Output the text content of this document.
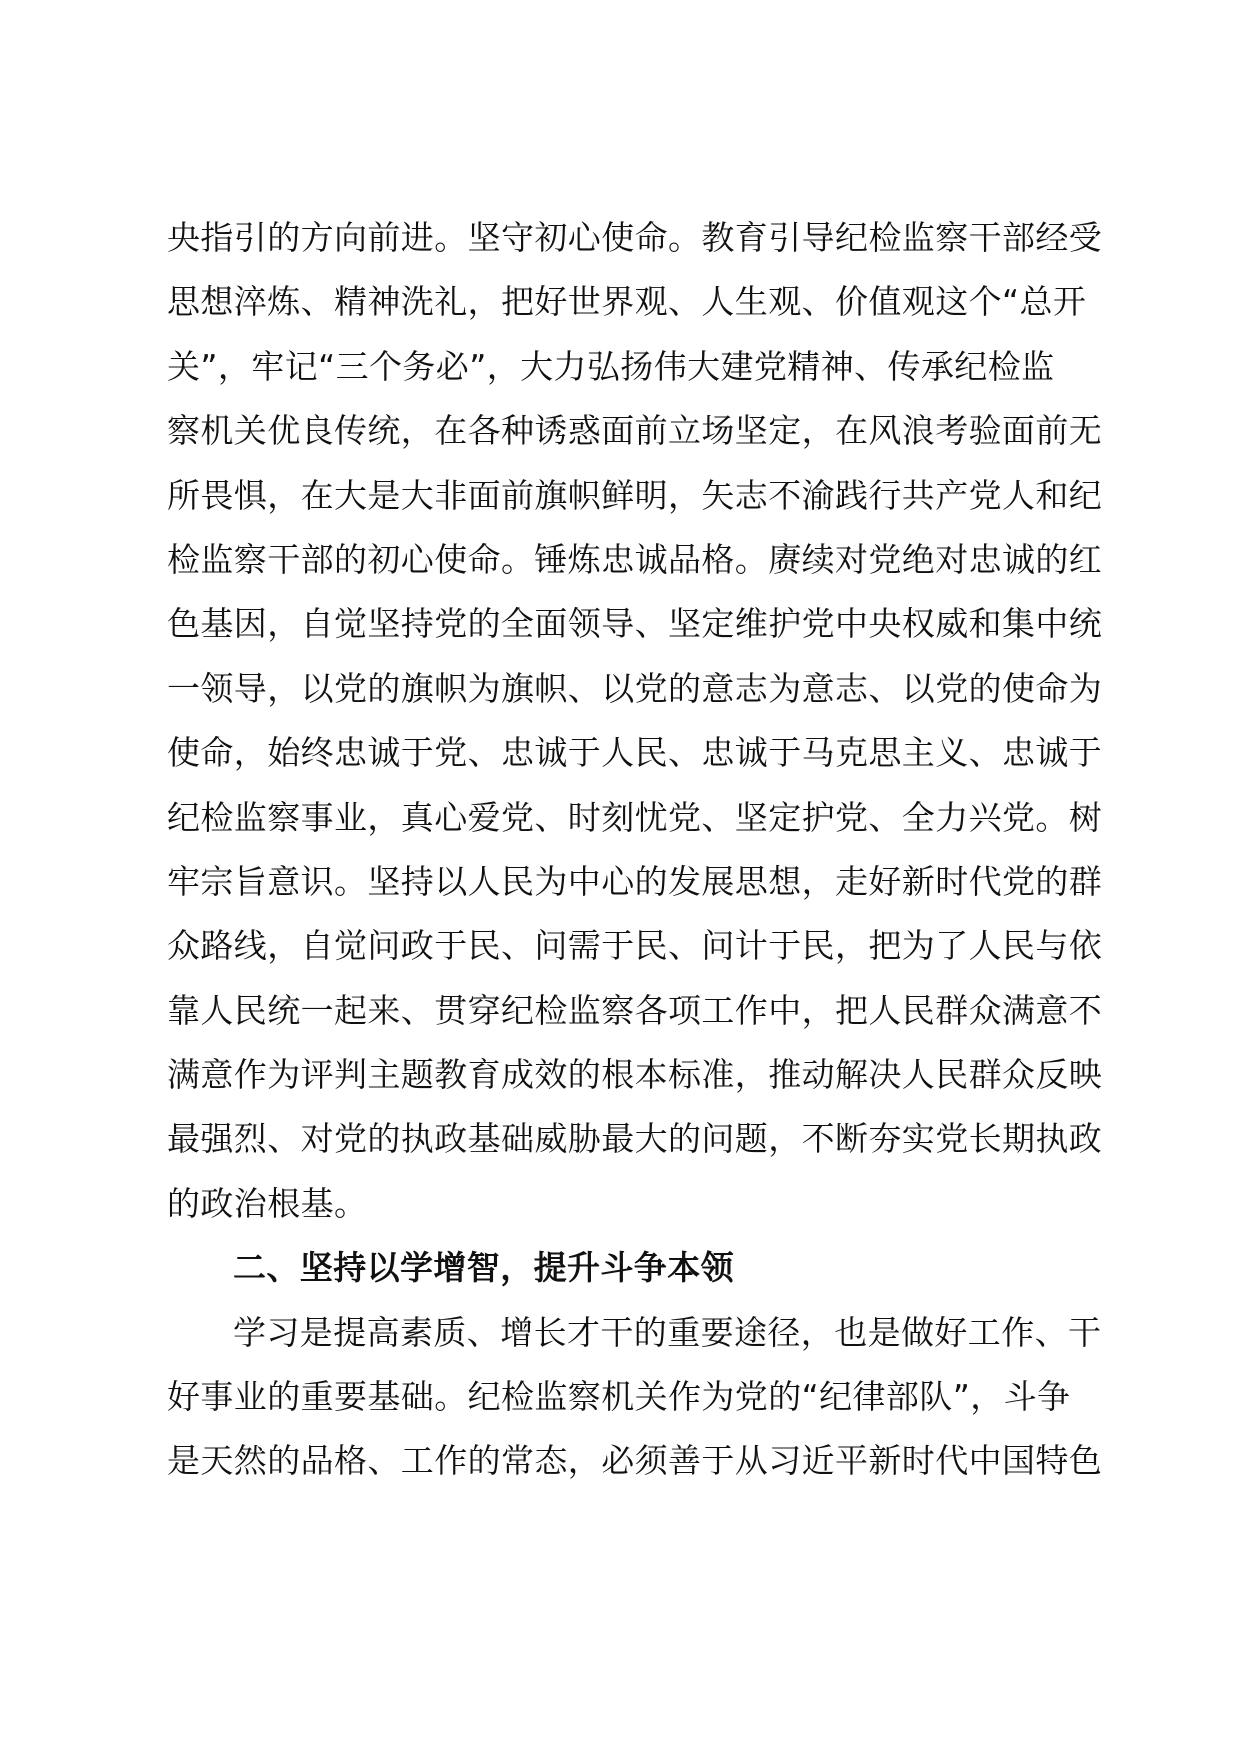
央指引的方向前进。坚守初心使命。教育引导纪检监察干部经受
思想淬炼、精神洗礼，把好世界观、人生观、价值观这个“总开
关”，牢记“三个务必”，大力弘扬伟大建党精神、传承纪检监
察机关优良传统，在各种诱惑面前立场坚定，在风浪考验面前无
所畏惧，在大是大非面前旗帜鲜明，矢志不渝践行共产党人和纪
检监察干部的初心使命。锤炼忠诚品格。赓续对党绝对忠诚的红
色基因，自觉坚持党的全面领导、坚定维护党中央权威和集中统
一领导，以党的旗帜为旗帜、以党的意志为意志、以党的使命为
使命，始终忠诚于党、忠诚于人民、忠诚于马克思主义、忠诚于
纪检监察事业，真心爱党、时刻忧党、坚定护党、全力兴党。树
牢宗旨意识。坚持以人民为中心的发展思想，走好新时代党的群
众路线，自觉问政于民、问需于民、问计于民，把为了人民与依
靠人民统一起来、贯穿纪检监察各项工作中，把人民群众满意不
满意作为评判主题教育成效的根本标准，推动解决人民群众反映
最强烈、对党的执政基础威胁最大的问题，不断夯实党长期执政
的政治根基。
二、坚持以学增智，提升斗争本领
学习是提高素质、增长才干的重要途径，也是做好工作、干
好事业的重要基础。纪检监察机关作为党的“纪律部队”，斗争
是天然的品格、工作的常态，必须善于从习近平新时代中国特色
